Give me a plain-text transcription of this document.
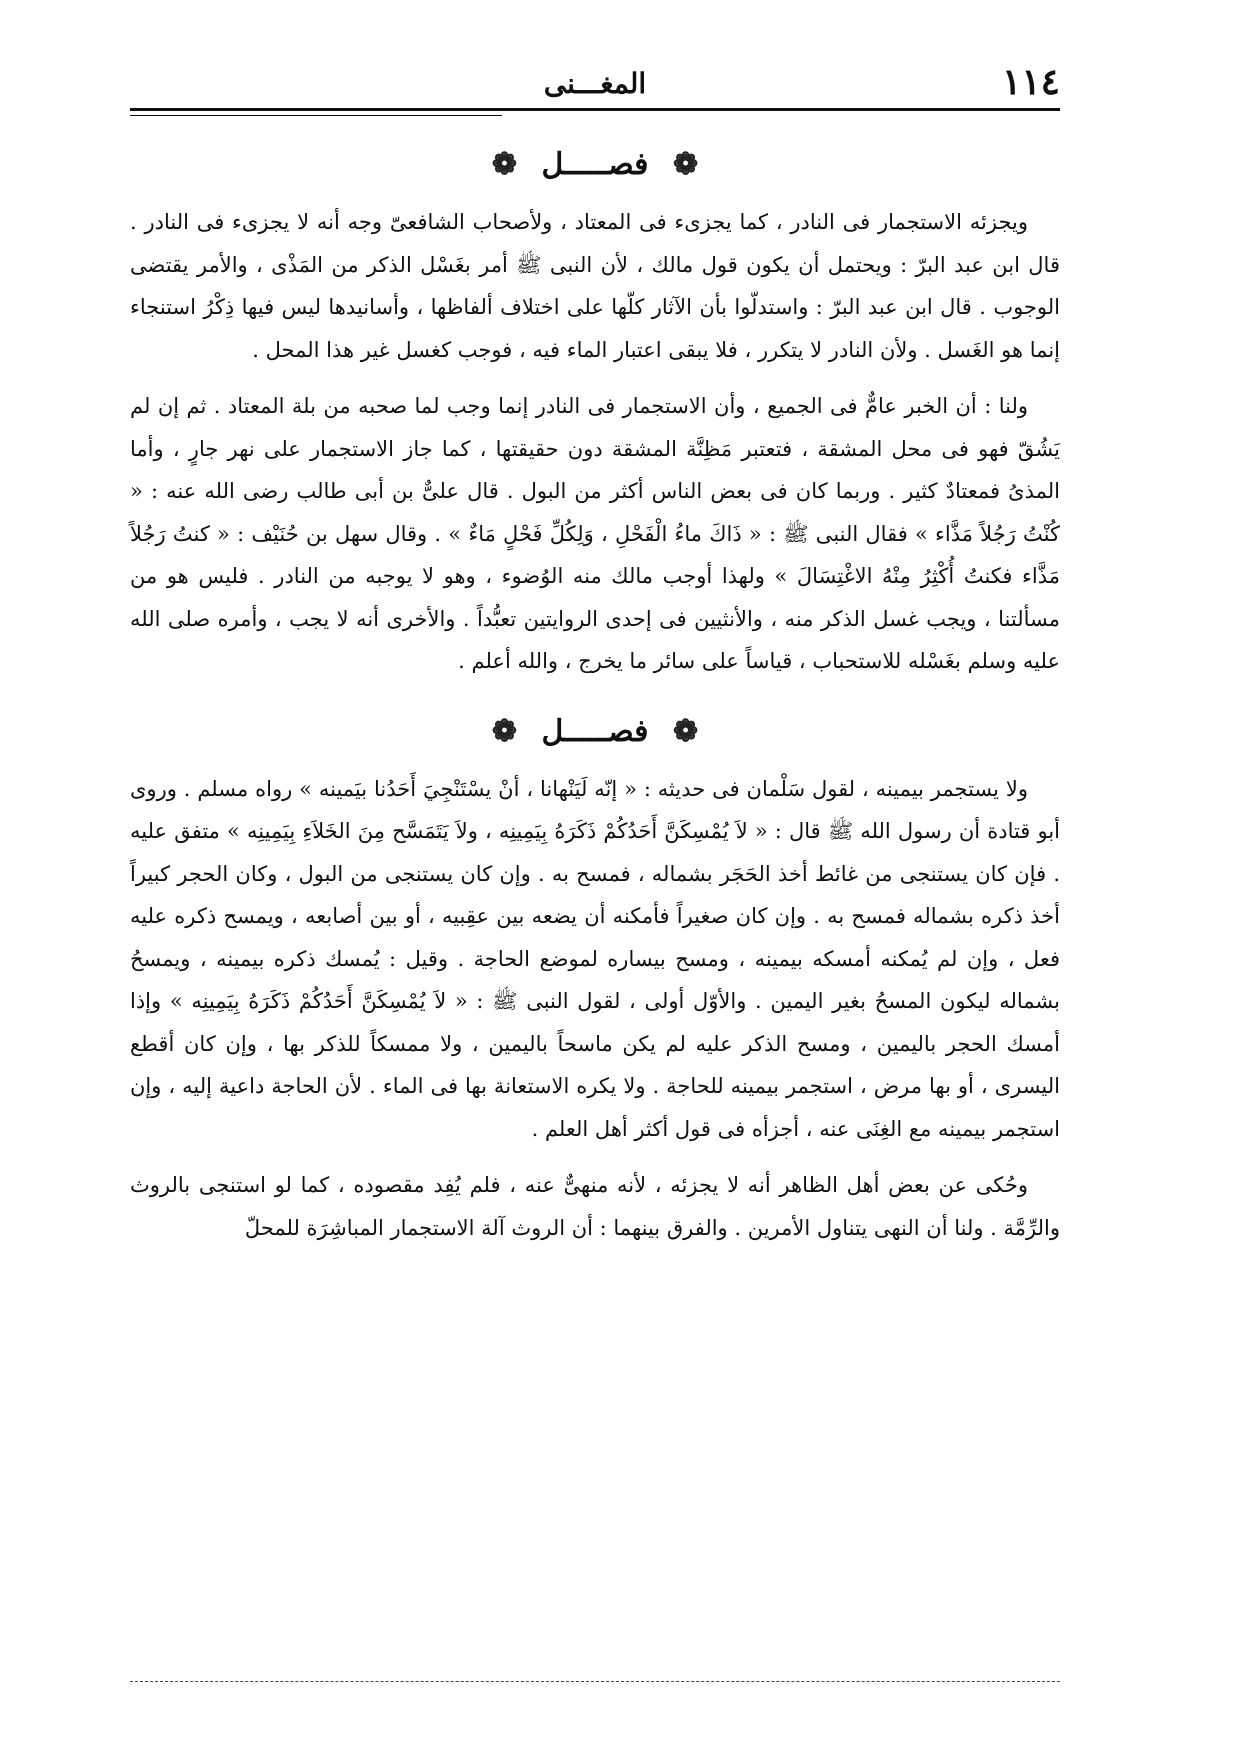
١١٤
المغـــنى
❁ فصـــــل ❁

ويجزئه الاستجمار فى النادر ، كما يجزىء فى المعتاد ، ولأصحاب الشافعىّ وجه أنه لا يجزىء فى النادر . قال ابن عبد البرّ : ويحتمل أن يكون قول مالك ، لأن النبى ﷺ أمر بغَسْل الذكر من المَذْى ، والأمر يقتضى الوجوب . قال ابن عبد البرّ : واستدلّوا بأن الآثار كلّها على اختلاف ألفاظها ، وأسانيدها ليس فيها ذِكْرُ استنجاء إنما هو الغَسل . ولأن النادر لا يتكرر ، فلا يبقى اعتبار الماء فيه ، فوجب كغسل غير هذا المحل .

ولنا : أن الخبر عامٌّ فى الجميع ، وأن الاستجمار فى النادر إنما وجب لما صحبه من بلة المعتاد . ثم إن لم يَشُقّ فهو فى محل المشقة ، فتعتبر مَظِنَّة المشقة دون حقيقتها ، كما جاز الاستجمار على نهر جارٍ ، وأما المذىُ فمعتادٌ كثير . وربما كان فى بعض الناس أكثر من البول . قال علىٌّ بن أبى طالب رضى الله عنه : « كُنْتُ رَجُلاً مَذَّاء » فقال النبى ﷺ : « ذَاكَ ماءُ الْفَحْلِ ، وَلِكُلِّ فَحْلٍ مَاءٌ » . وقال سهل بن حُنَيْف : « كنتُ رَجُلاً مَذَّاء فكنتُ أُكْثِرُ مِنْهُ الاغْتِسَالَ » ولهذا أوجب مالك منه الوُضوء ، وهو لا يوجبه من النادر . فليس هو من مسألتنا ، ويجب غسل الذكر منه ، والأنثيين فى إحدى الروايتين تعبُّداً . والأخرى أنه لا يجب ، وأمره صلى الله عليه وسلم بغَسْله للاستحباب ، قياساً على سائر ما يخرج ، والله أعلم .

❁ فصـــــل ❁

ولا يستجمر بيمينه ، لقول سَلْمان فى حديثه : « إنّه لَيَنْهانا ، أنْ يسْتَنْجِيَ أَحَدُنا بيَمينه » رواه مسلم . وروى أبو قتادة أن رسول الله ﷺ قال : « لاَ يُمْسِكَنَّ أَحَدُكُمْ ذَكَرَهُ بِيَمِينِه ، ولاَ يَتَمَسَّح مِنَ الخَلاَءِ بِيَمِينِه » متفق عليه . فإن كان يستنجى من غائط أخذ الحَجَر بشماله ، فمسح به . وإن كان يستنجى من البول ، وكان الحجر كبيراً أخذ ذكره بشماله فمسح به . وإن كان صغيراً فأمكنه أن يضعه بين عقِبيه ، أو بين أصابعه ، ويمسح ذكره عليه فعل ، وإن لم يُمكنه أمسكه بيمينه ، ومسح بيساره لموضع الحاجة . وقيل : يُمسك ذكره بيمينه ، ويمسحُ بشماله ليكون المسحُ بغير اليمين . والأوّل أولى ، لقول النبى ﷺ : « لاَ يُمْسِكَنَّ أَحَدُكُمْ ذَكَرَهُ بِيَمِينِه » وإذا أمسك الحجر باليمين ، ومسح الذكر عليه لم يكن ماسحاً باليمين ، ولا ممسكاً للذكر بها ، وإن كان أقطع اليسرى ، أو بها مرض ، استجمر بيمينه للحاجة . ولا يكره الاستعانة بها فى الماء . لأن الحاجة داعية إليه ، وإن استجمر بيمينه مع الغِنَى عنه ، أجزأه فى قول أكثر أهل العلم .

وحُكى عن بعض أهل الظاهر أنه لا يجزئه ، لأنه منهىٌّ عنه ، فلم يُفِد مقصوده ، كما لو استنجى بالروث والرِّمَّة . ولنا أن النهى يتناول الأمرين . والفرق بينهما : أن الروث آلة الاستجمار المباشِرَة للمحلّ
